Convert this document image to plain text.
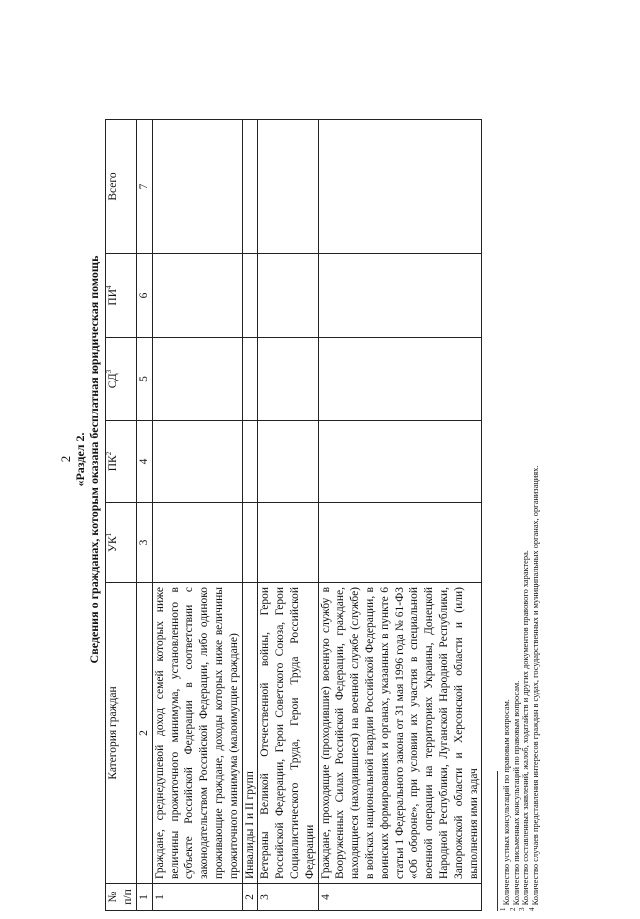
2 «Раздел 2. Сведения о гражданах, которым оказана бесплатная юридическая помощь
№ п/п	Категория граждан	$УК^1$	$ПК^2$	$СД^3$	$ПИ^4$	Всего
1	2	3	4	5	6	7
1	Граждане, среднедушевой доход семей которых ниже величины прожиточного минимума, установленного в субъекте Российской Федерации в соответствии с законодательством Российской Федерации, либо одиноко проживающие граждане, доходы которых ниже величины прожиточного минимума (малоимущие граждане)					
2	Инвалиды I и II групп					
3	Ветераны Великой Отечественной войны, Герои Российской Федерации, Герои Советского Союза, Герои Социалистического Труда, Герои Труда Российской Федерации					
4	Граждане, проходящие (проходившие) военную службу в Вооруженных Силах Российской Федерации, граждане, находящиеся (находившиеся) на военной службе (службе) в войсках национальной гвардии Российской Федерации, в воинских формированиях и органах, указанных в пункте 6 статьи 1 Федерального закона от 31 мая 1996 года № 61-ФЗ «Об обороне», при условии их участия в специальной военной операции на территориях Украины, Донецкой Народной Республики, Луганской Народной Республики, Запорожской области и Херсонской области и (или) выполнения ими задач					
$^1$ Количество устных консультаций по правовым вопросам.
$^2$ Количество письменных консультаций по правовым вопросам.
$^3$ Количество составленных заявлений, жалоб, ходатайств и других документов правового характера.
$^4$ Количество случаев представления интересов граждан в судах, государственных и муниципальных органах, организациях.
